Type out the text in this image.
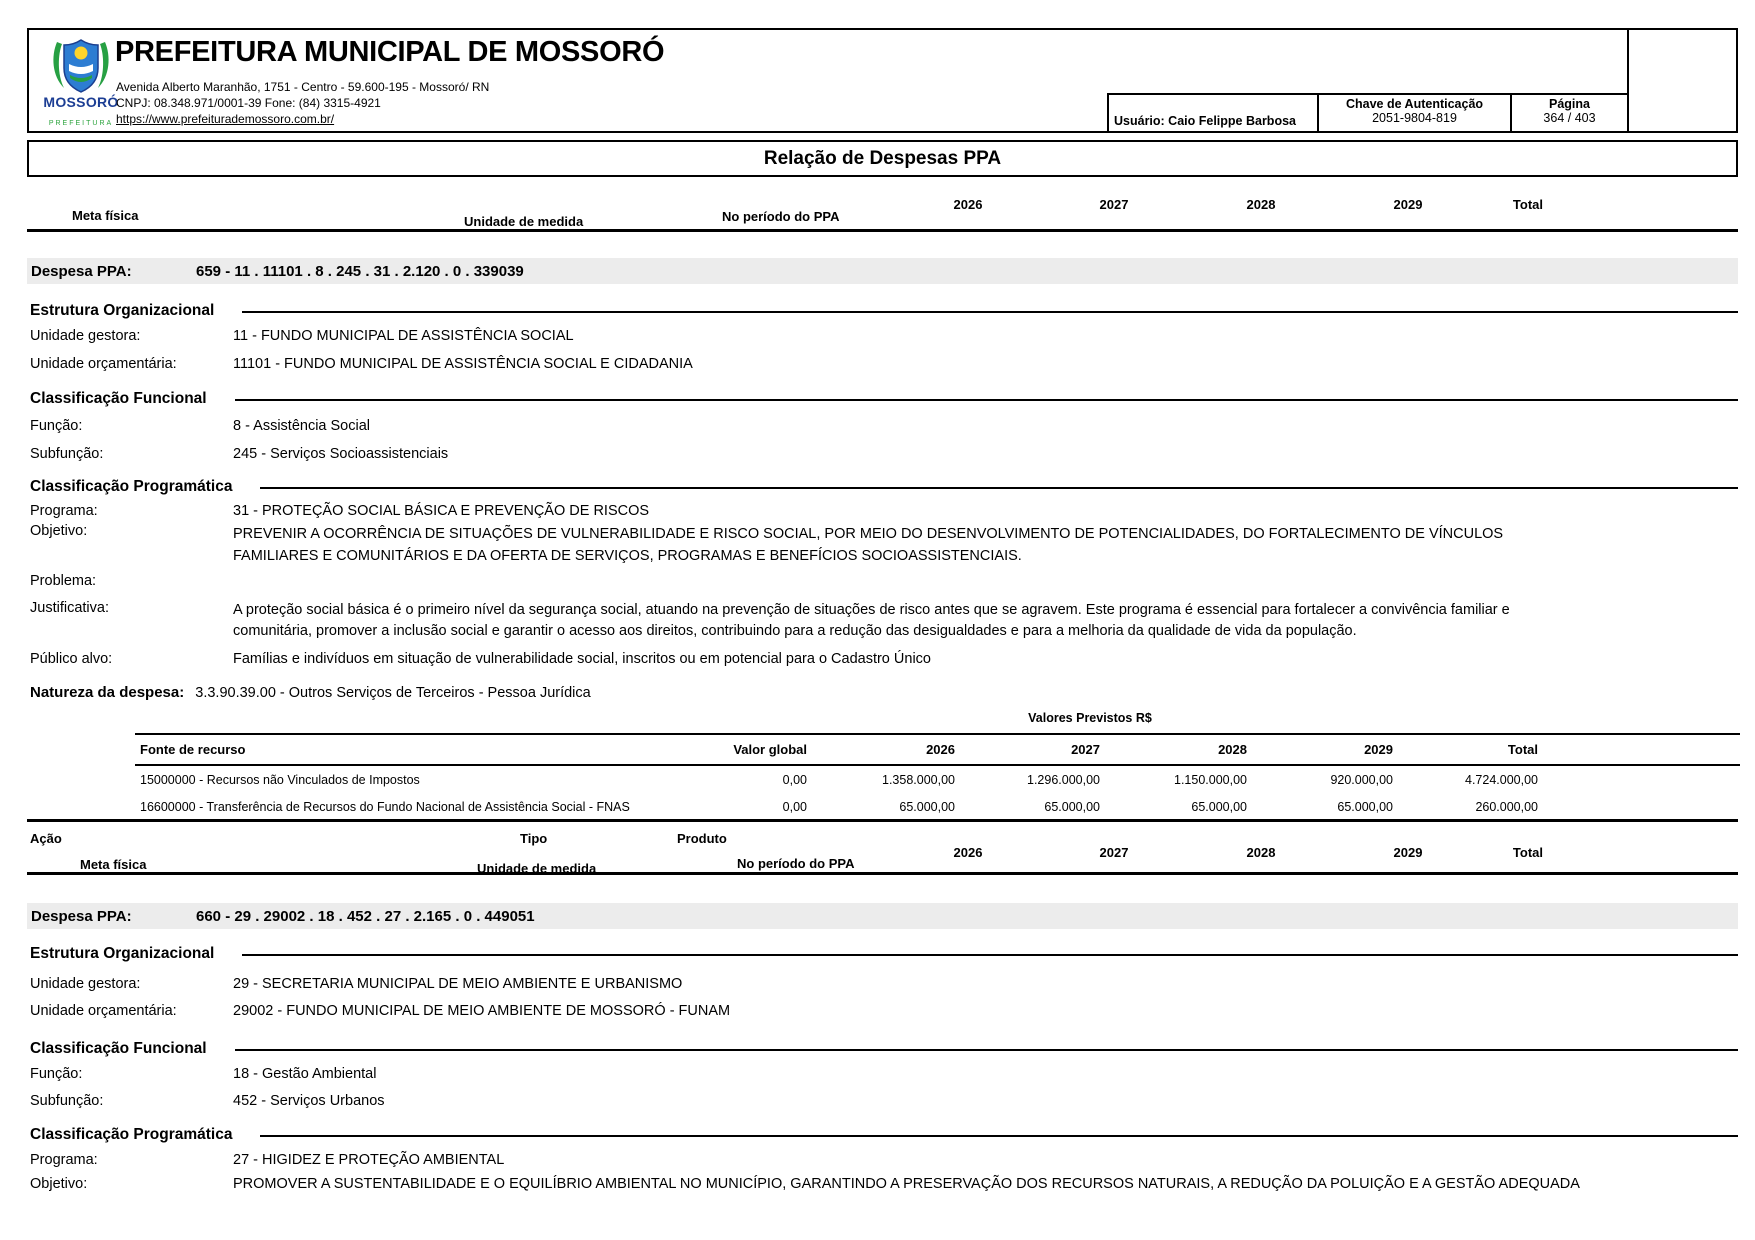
MOSSORÓ
PREFEITURA
PREFEITURA MUNICIPAL DE MOSSORÓ
Avenida Alberto Maranhão, 1751 - Centro - 59.600-195 - Mossoró/ RN
CNPJ: 08.348.971/0001-39 Fone: (84) 3315-4921
https://www.prefeiturademossoro.com.br/	Usuário: Caio Felippe Barbosa
Chave de Autenticação
2051-9804-819
Página
364 / 403
Relação de Despesas PPA
Meta física	Unidade de medida	No período do PPA
2026	2027	2028	2029	Total
Despesa PPA:	659 - 11 . 11101 . 8 . 245 . 31 . 2.120 . 0 . 339039
Estrutura Organizacional
Unidade gestora:	11 - FUNDO MUNICIPAL DE ASSISTÊNCIA SOCIAL
Unidade orçamentária:	11101 - FUNDO MUNICIPAL DE ASSISTÊNCIA SOCIAL E CIDADANIA
Classificação Funcional
Função:	8 - Assistência Social
Subfunção:	245 - Serviços Socioassistenciais
Classificação Programática
Programa:	31 - PROTEÇÃO SOCIAL BÁSICA E PREVENÇÃO DE RISCOS
Objetivo:	PREVENIR A OCORRÊNCIA DE SITUAÇÕES DE VULNERABILIDADE E RISCO SOCIAL, POR MEIO DO DESENVOLVIMENTO DE POTENCIALIDADES, DO FORTALECIMENTO DE VÍNCULOS FAMILIARES E COMUNITÁRIOS E DA OFERTA DE SERVIÇOS, PROGRAMAS E BENEFÍCIOS SOCIOASSISTENCIAIS.
Problema:
Justificativa:	A proteção social básica é o primeiro nível da segurança social, atuando na prevenção de situações de risco antes que se agravem. Este programa é essencial para fortalecer a convivência familiar e comunitária, promover a inclusão social e garantir o acesso aos direitos, contribuindo para a redução das desigualdades e para a melhoria da qualidade de vida da população.
Público alvo:	Famílias e indivíduos em situação de vulnerabilidade social, inscritos ou em potencial para o Cadastro Único
Natureza da despesa: 3.3.90.39.00 - Outros Serviços de Terceiros - Pessoa Jurídica
Valores Previstos R$
Fonte de recurso	Valor global	2026	2027	2028	2029	Total
15000000 - Recursos não Vinculados de Impostos	0,00	1.358.000,00	1.296.000,00	1.150.000,00	920.000,00	4.724.000,00
16600000 - Transferência de Recursos do Fundo Nacional de Assistência Social - FNAS	0,00	65.000,00	65.000,00	65.000,00	65.000,00	260.000,00
Ação	Tipo	Produto
2026	2027	2028	2029	Total
Meta física	Unidade de medida	No período do PPA
Despesa PPA:	660 - 29 . 29002 . 18 . 452 . 27 . 2.165 . 0 . 449051
Estrutura Organizacional
Unidade gestora:	29 - SECRETARIA MUNICIPAL DE MEIO AMBIENTE E URBANISMO
Unidade orçamentária:	29002 - FUNDO MUNICIPAL DE MEIO AMBIENTE DE MOSSORÓ - FUNAM
Classificação Funcional
Função:	18 - Gestão Ambiental
Subfunção:	452 - Serviços Urbanos
Classificação Programática
Programa:	27 - HIGIDEZ E PROTEÇÃO AMBIENTAL
Objetivo:	PROMOVER A SUSTENTABILIDADE E O EQUILÍBRIO AMBIENTAL NO MUNICÍPIO, GARANTINDO A PRESERVAÇÃO DOS RECURSOS NATURAIS, A REDUÇÃO DA POLUIÇÃO E A GESTÃO ADEQUADA
